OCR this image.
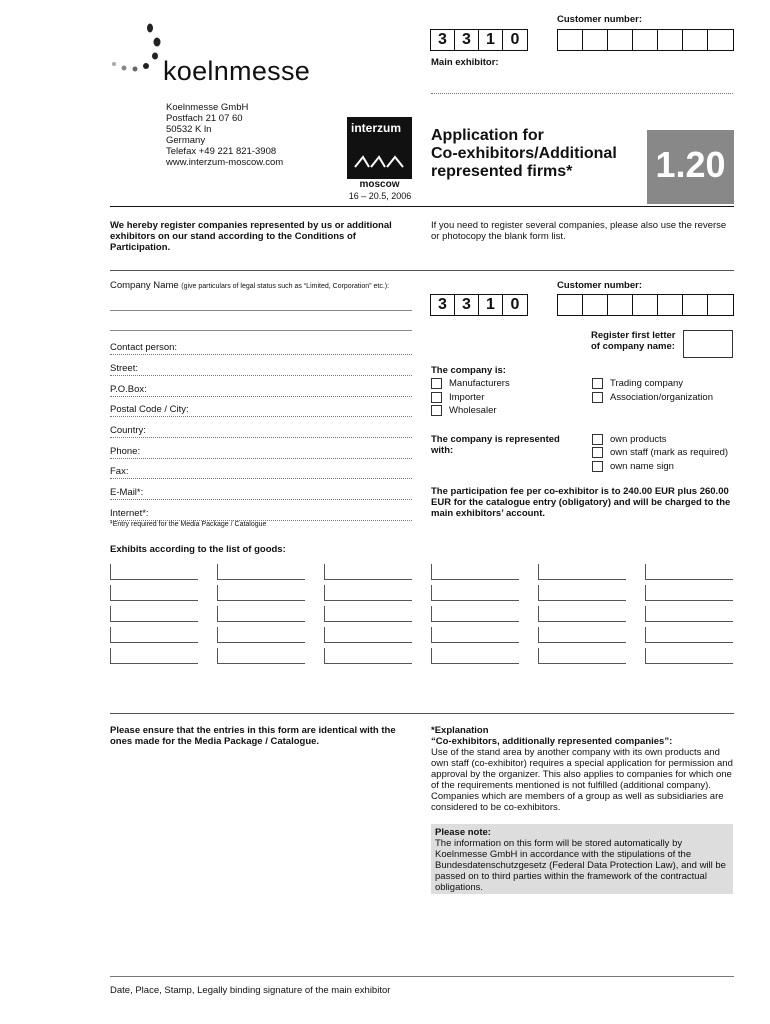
koelnmesse
Koelnmesse GmbH
Postfach 21 07 60
50532 K ln
Germany
Telefax +49 221 821-3908
www.interzum-moscow.com
interzum
moscow
16 – 20.5, 2006
Customer number:
3 3 1 0
Main exhibitor:
Application for
Co-exhibitors/Additional
represented firms*	1.20
We hereby register companies represented by us or additional exhibitors on our stand according to the Conditions of Participation.
If you need to register several companies, please also use the reverse or photocopy the blank form list.
Company Name (give particulars of legal status such as “Limited, Corporation” etc.):	Customer number:
3 3 1 0
Register first letter of company name:
Contact person:
Street:
P.O.Box:
Postal Code / City:
Country:
Phone:
Fax:
E-Mail*:
Internet*:
*Entry required for the Media Package / Catalogue
The company is:
Manufacturers
Importer
Wholesaler
Trading company
Association/organization
The company is represented with:
own products
own staff (mark as required)
own name sign
The participation fee per co-exhibitor is to 240.00 EUR plus 260.00 EUR for the catalogue entry (obligatory) and will be charged to the main exhibitors’ account.
Exhibits according to the list of goods:
Please ensure that the entries in this form are identical with the ones made for the Media Package / Catalogue.
*Explanation
“Co-exhibitors, additionally represented companies”:
Use of the stand area by another company with its own products and own staff (co-exhibitor) requires a special application for permission and approval by the organizer. This also applies to companies for which one of the requirements mentioned is not fulfilled (additional company). Companies which are members of a group as well as subsidiaries are considered to be co-exhibitors.
Please note:
The information on this form will be stored automatically by Koelnmesse GmbH in accordance with the stipulations of the Bundesdatenschutzgesetz (Federal Data Protection Law), and will be passed on to third parties within the framework of the contractual obligations.
Date, Place, Stamp, Legally binding signature of the main exhibitor
